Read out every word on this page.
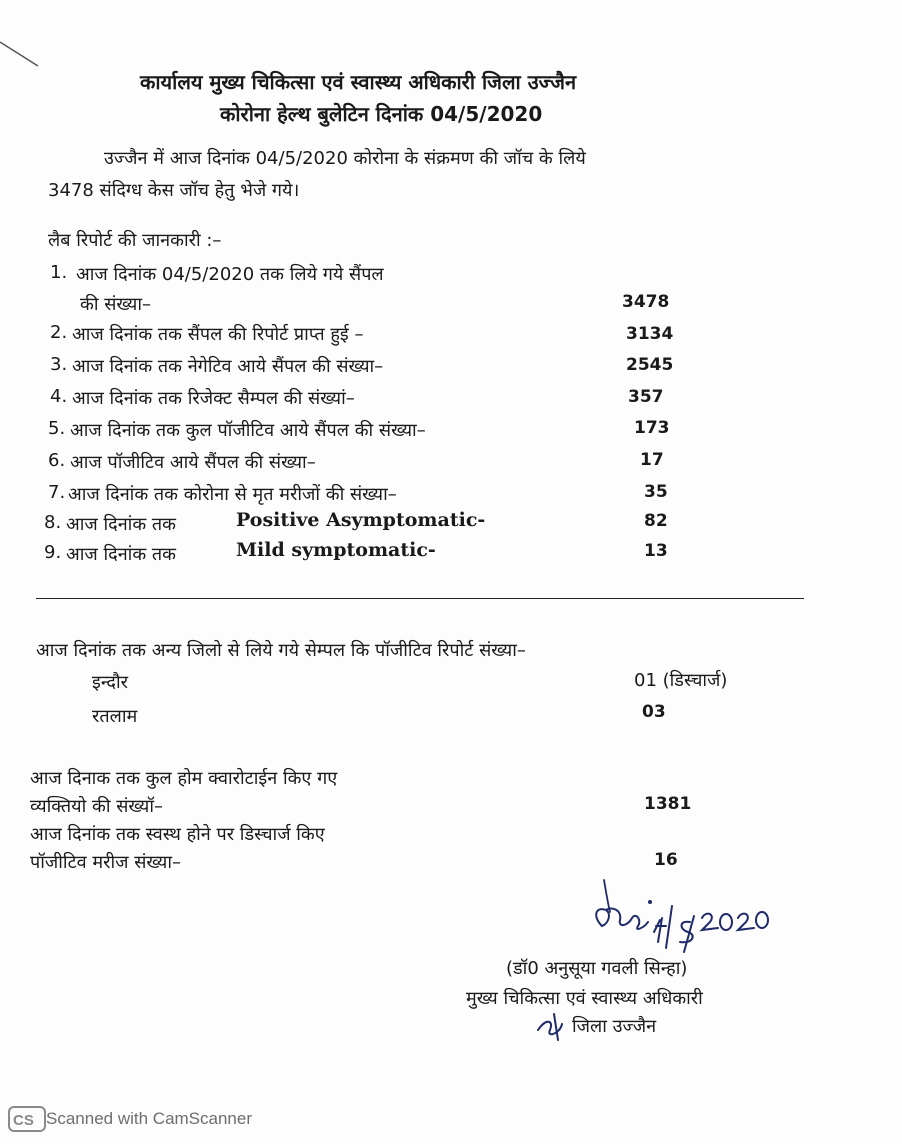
कार्यालय मुख्य चिकित्सा एवं स्वास्थ्य अधिकारी जिला उज्जैन
कोरोना हेल्थ बुलेटिन दिनांक 04/5/2020
उज्जैन में आज दिनांक 04/5/2020 कोरोना के संक्रमण की जॉच के लिये
3478 संदिग्ध केस जॉच हेतु भेजे गये।
लैब रिपोर्ट की जानकारी :–
1. आज दिनांक 04/5/2020 तक लिये गये सैंपल
की संख्या–	3478
2. आज दिनांक तक सैंपल की रिपोर्ट प्राप्त हुई –	3134
3. आज दिनांक तक नेगेटिव आये सैंपल की संख्या–	2545
4. आज दिनांक तक रिजेक्ट सैम्पल की संख्यां–	357
5. आज दिनांक तक कुल पॉजीटिव आये सैंपल की संख्या–	173
6. आज पॉजीटिव आये सैंपल की संख्या–	17
7. आज दिनांक तक कोरोना से मृत मरीजों की संख्या–	35
8. आज दिनांक तक	Positive Asymptomatic-	82
9. आज दिनांक तक	Mild symptomatic-	13
आज दिनांक तक अन्य जिलो से लिये गये सेम्पल कि पॉजीटिव रिपोर्ट संख्या–
इन्दौर	01 (डिस्चार्ज)
रतलाम	03
आज दिनाक तक कुल होम क्वारोटाईन किए गए
व्यक्तियो की संख्यॉ–	1381
आज दिनांक तक स्वस्थ होने पर डिस्चार्ज किए
पॉजीटिव मरीज संख्या–	16
(डॉ0 अनुसूया गवली सिन्हा)
मुख्य चिकित्सा एवं स्वास्थ्य अधिकारी
जिला उज्जैन
CS Scanned with CamScanner
